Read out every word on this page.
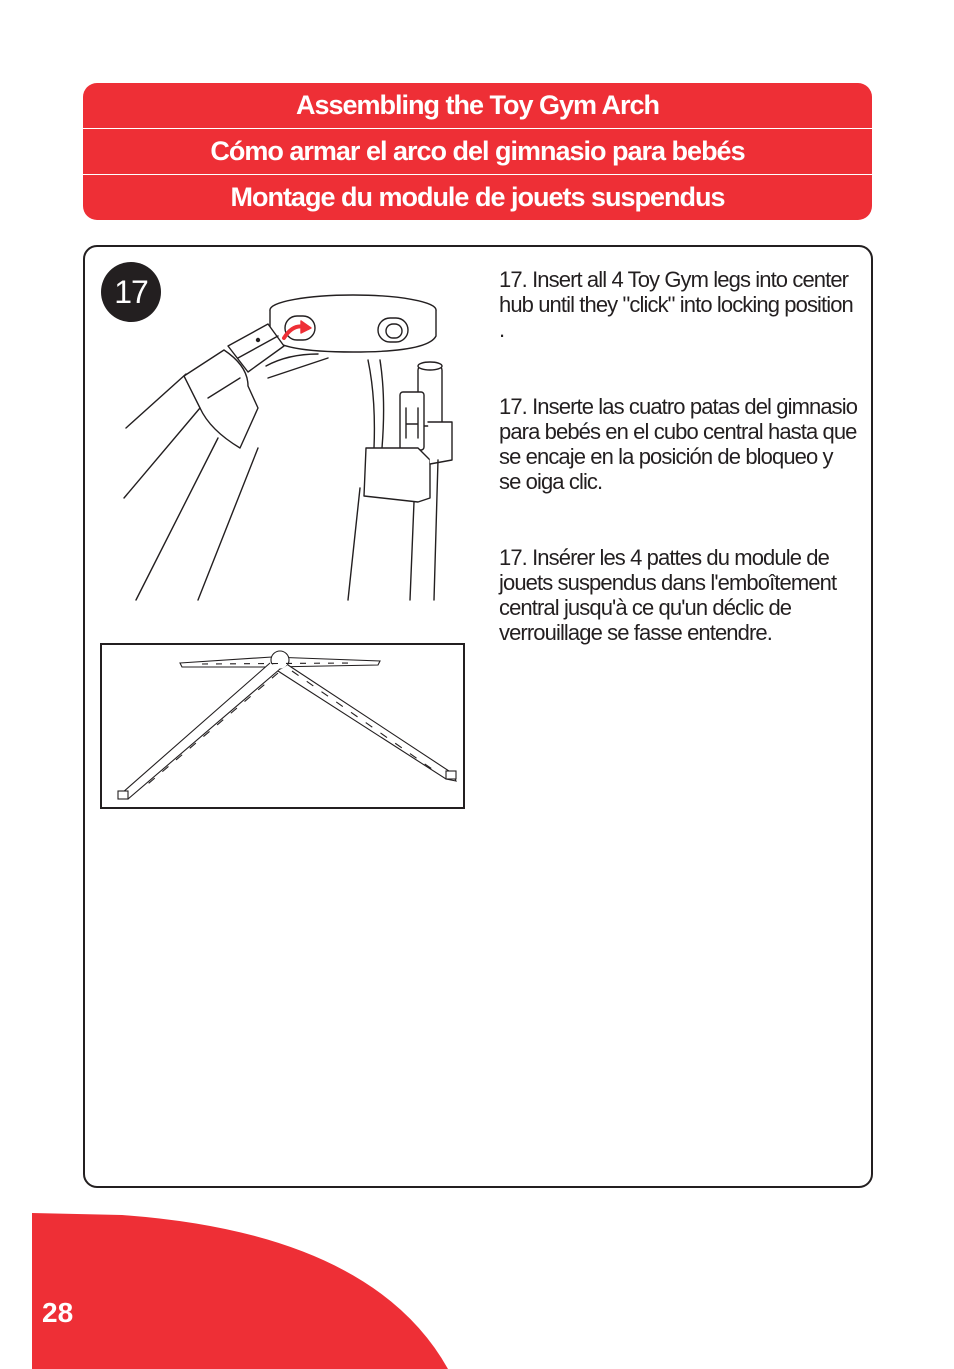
Assembling the Toy Gym Arch
Cómo armar el arco del gimnasio para bebés
Montage du module de jouets suspendus
17	17. Insert all 4 Toy Gym legs into center hub until they "click" into locking position .

17. Inserte las cuatro patas del gimnasio para bebés en el cubo central hasta que se encaje en la posición de bloqueo y se oiga clic.

17. Insérer les 4 pattes du module de jouets suspendus dans l'emboîtement central jusqu'à ce qu'un déclic de verrouillage se fasse entendre.

28
